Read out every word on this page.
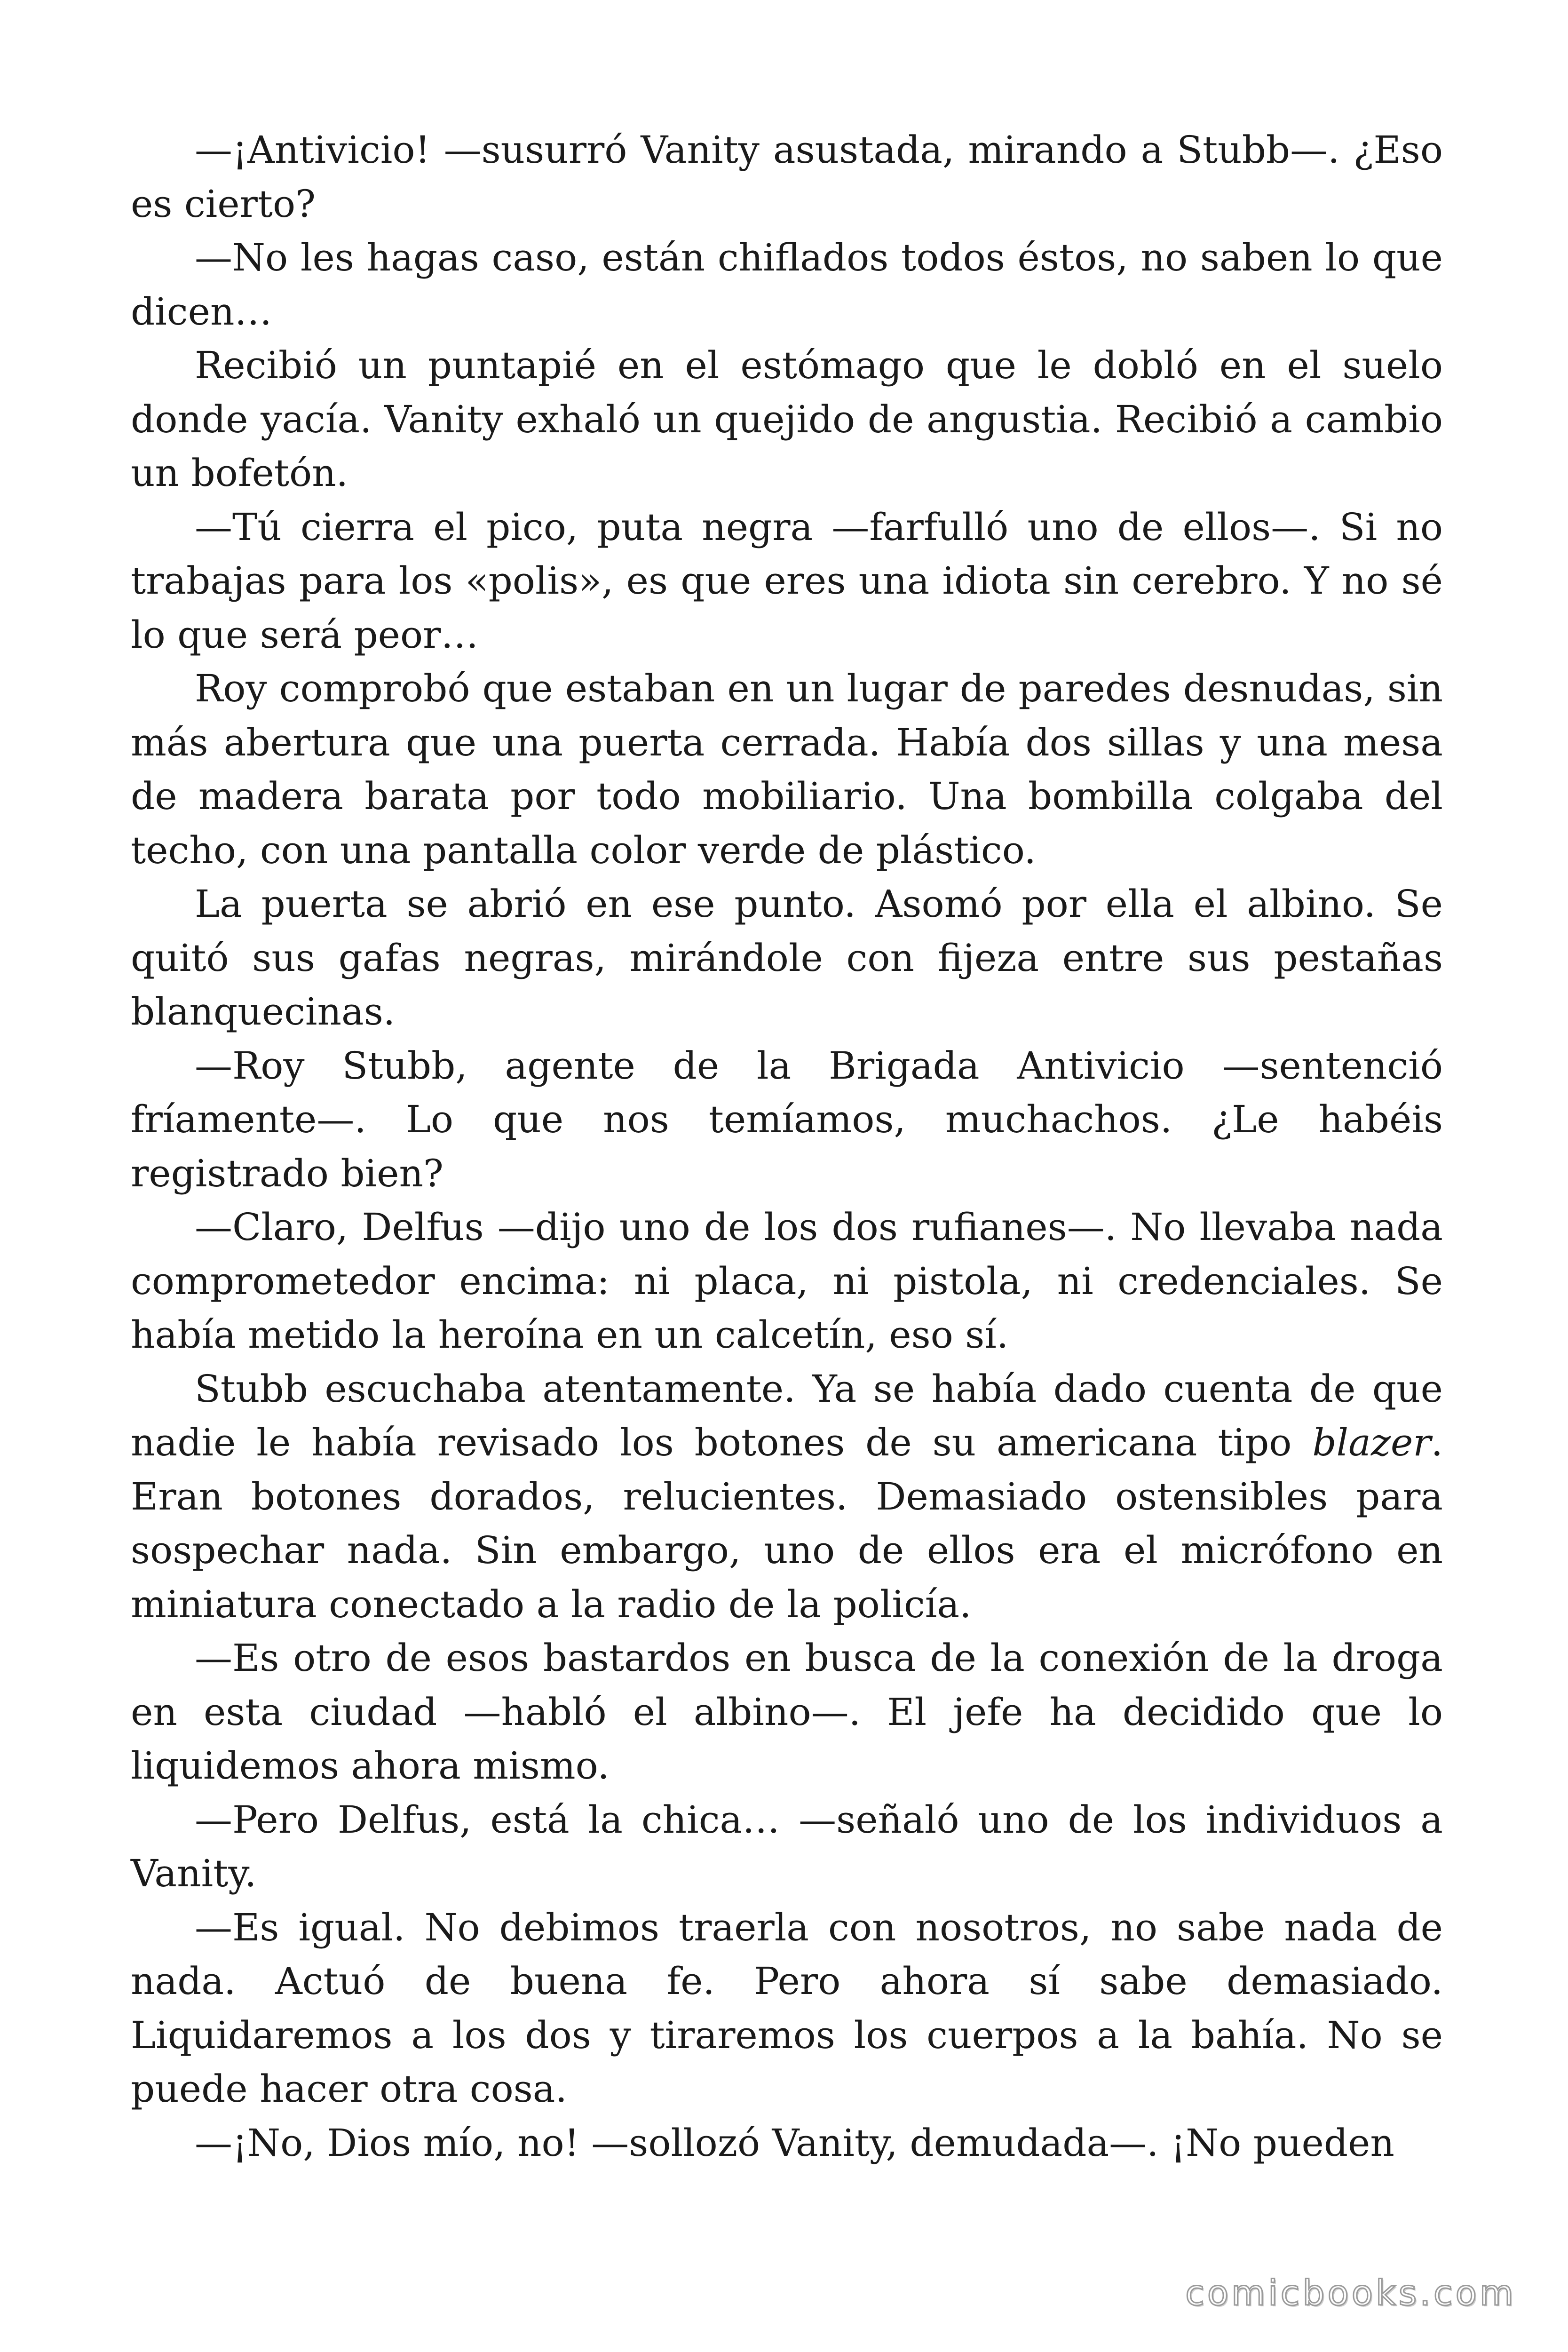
—¡Antivicio! —susurró Vanity asustada, mirando a Stubb—. ¿Eso es cierto?

—No les hagas caso, están chiflados todos éstos, no saben lo que dicen…

Recibió un puntapié en el estómago que le dobló en el suelo donde yacía. Vanity exhaló un quejido de angustia. Recibió a cambio un bofetón.

—Tú cierra el pico, puta negra —farfulló uno de ellos—. Si no trabajas para los «polis», es que eres una idiota sin cerebro. Y no sé lo que será peor…

Roy comprobó que estaban en un lugar de paredes desnudas, sin más abertura que una puerta cerrada. Había dos sillas y una mesa de madera barata por todo mobiliario. Una bombilla colgaba del techo, con una pantalla color verde de plástico.

La puerta se abrió en ese punto. Asomó por ella el albino. Se quitó sus gafas negras, mirándole con fijeza entre sus pestañas blanquecinas.

—Roy Stubb, agente de la Brigada Antivicio —sentenció fríamente—. Lo que nos temíamos, muchachos. ¿Le habéis registrado bien?

—Claro, Delfus —dijo uno de los dos rufianes—. No llevaba nada comprometedor encima: ni placa, ni pistola, ni credenciales. Se había metido la heroína en un calcetín, eso sí.

Stubb escuchaba atentamente. Ya se había dado cuenta de que nadie le había revisado los botones de su americana tipo blazer. Eran botones dorados, relucientes. Demasiado ostensibles para sospechar nada. Sin embargo, uno de ellos era el micrófono en miniatura conectado a la radio de la policía.

—Es otro de esos bastardos en busca de la conexión de la droga en esta ciudad —habló el albino—. El jefe ha decidido que lo liquidemos ahora mismo.

—Pero Delfus, está la chica… —señaló uno de los individuos a Vanity.

—Es igual. No debimos traerla con nosotros, no sabe nada de nada. Actuó de buena fe. Pero ahora sí sabe demasiado. Liquidaremos a los dos y tiraremos los cuerpos a la bahía. No se puede hacer otra cosa.

—¡No, Dios mío, no! —sollozó Vanity, demudada—. ¡No pueden

comicbooks.com
